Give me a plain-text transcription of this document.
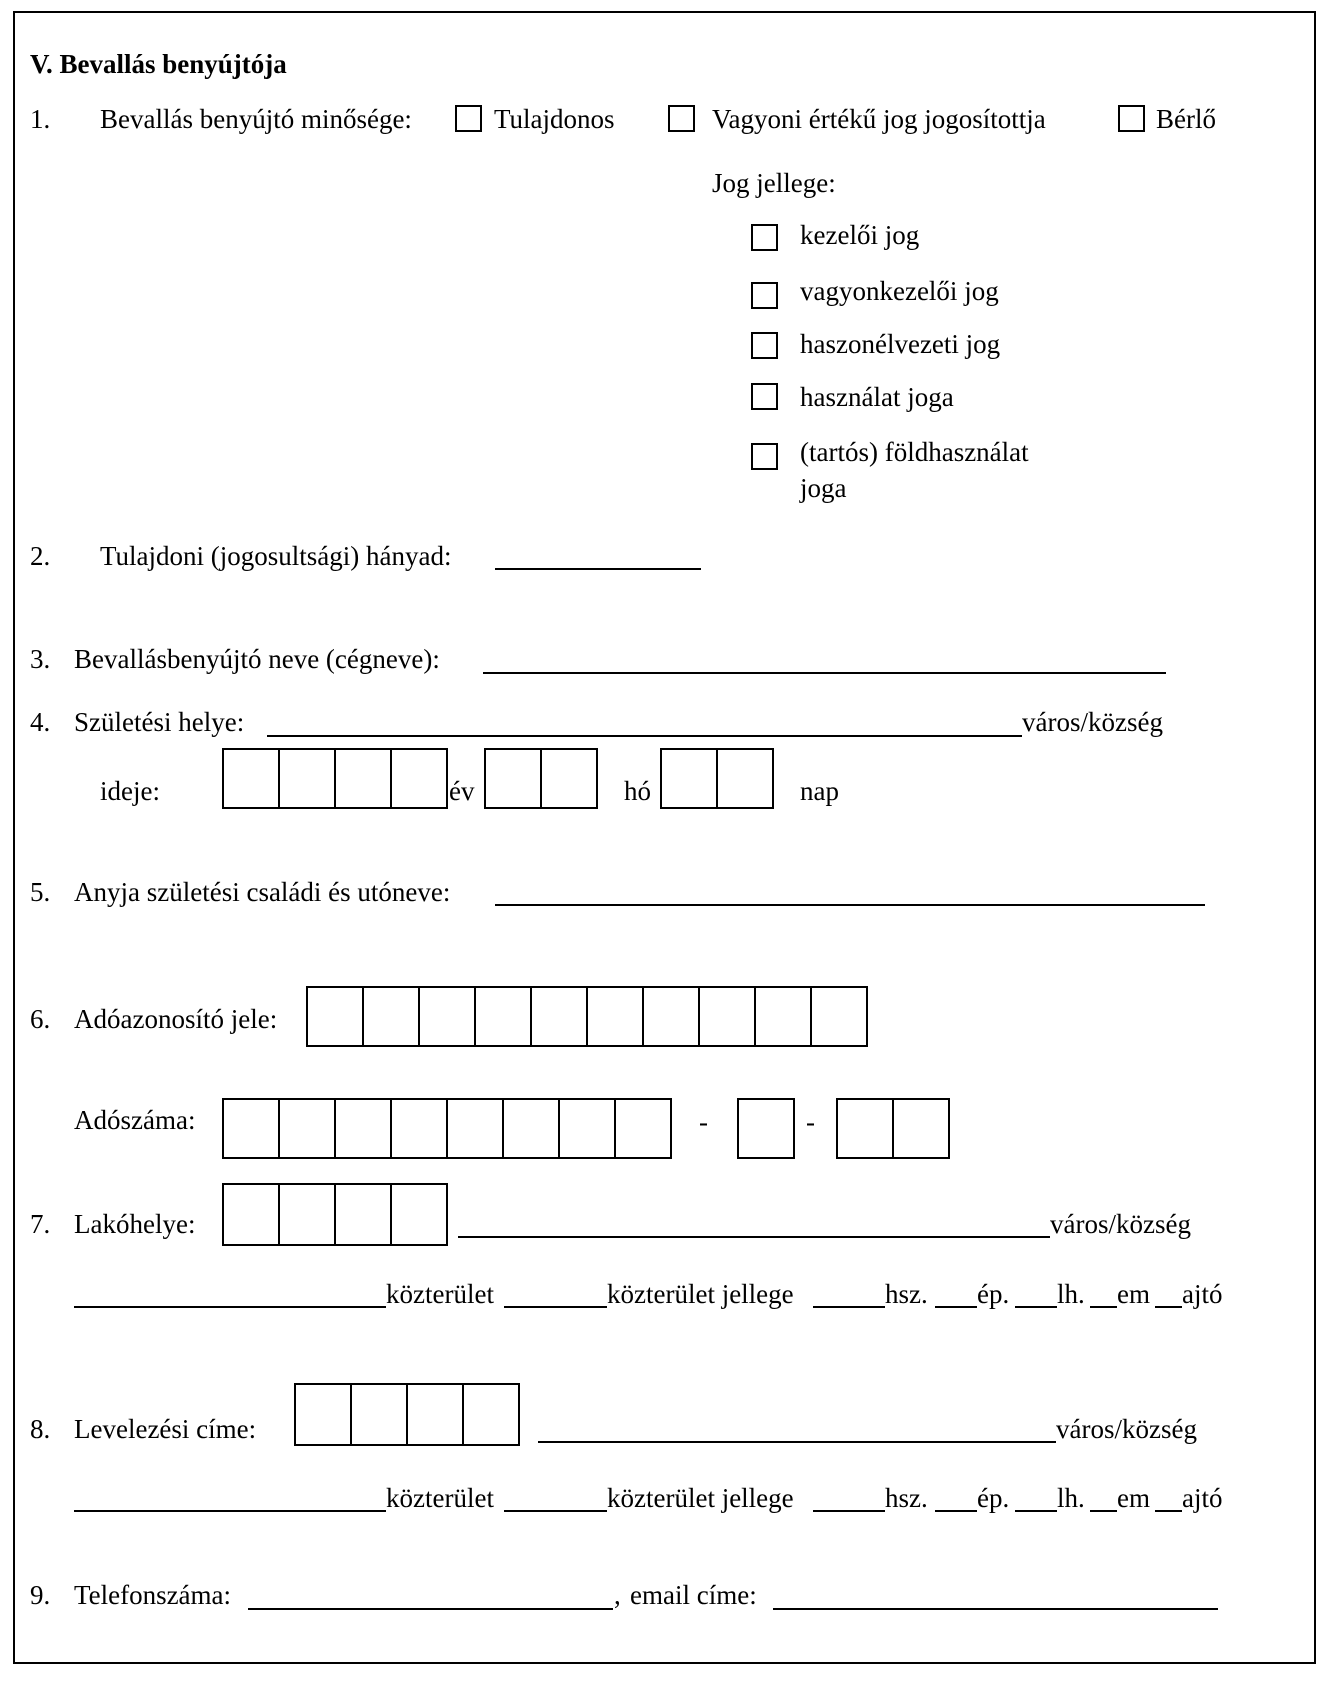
V. Bevallás benyújtója
1. Bevallás benyújtó minősége:	Tulajdonos	Vagyoni értékű jog jogosítottja	Bérlő
Jog jellege:
kezelői jog
vagyonkezelői jog
haszonélvezeti jog
használat joga
(tartós) földhasználat
joga
2. Tulajdoni (jogosultsági) hányad:
3. Bevallásbenyújtó neve (cégneve):
4. Születési helye:	város/község
ideje:	év	hó	nap
5. Anyja születési családi és utóneve:
6. Adóazonosító jele:
Adószáma:	-	-
7. Lakóhelye:	város/község
közterület	közterület jellege	hsz. ép. lh. em ajtó
8. Levelezési címe:	város/község
közterület	közterület jellege	hsz. ép. lh. em ajtó
9. Telefonszáma:	, email címe:
